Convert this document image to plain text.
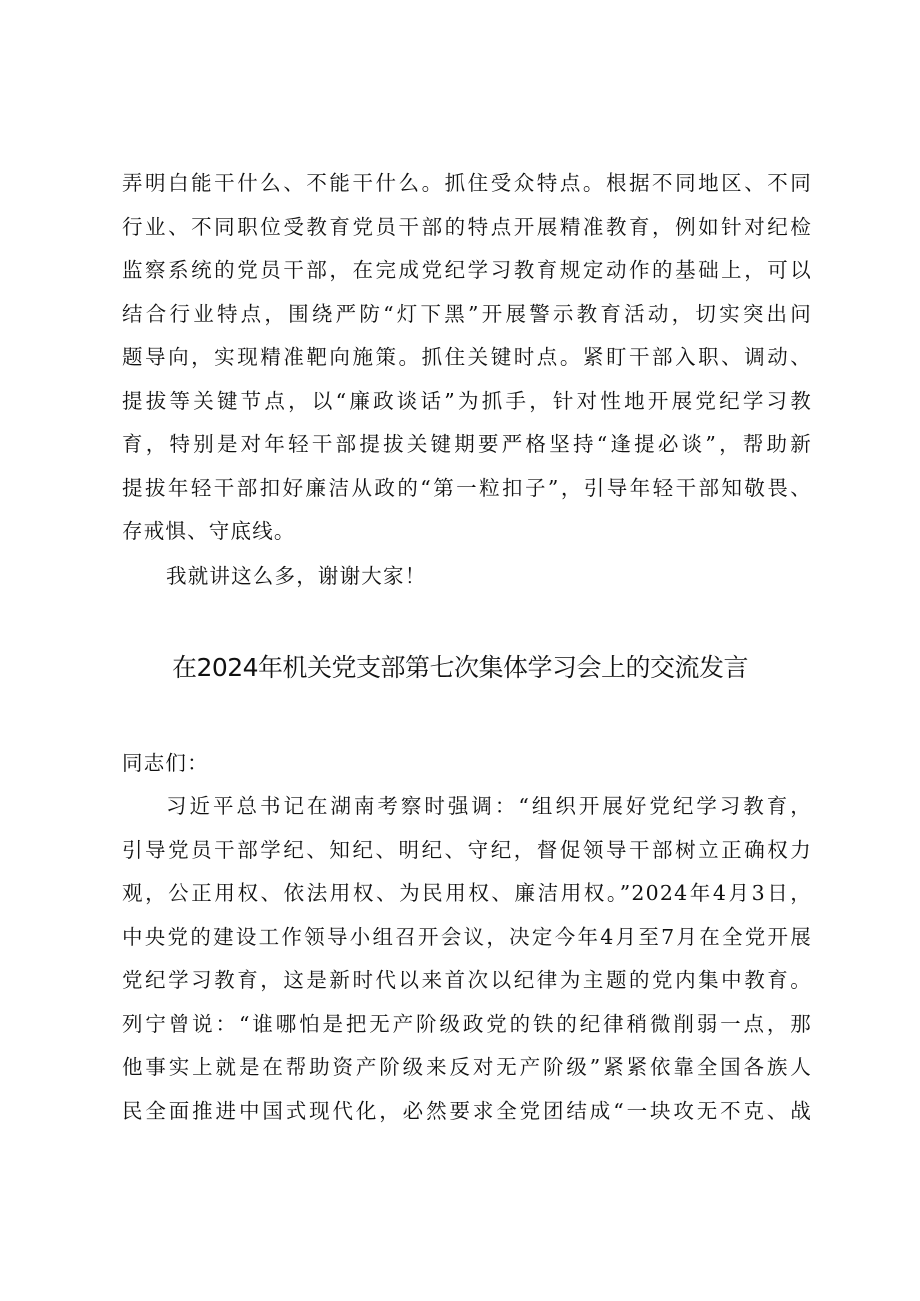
弄明白能干什么、不能干什么。抓住受众特点。根据不同地区、不同
行业、不同职位受教育党员干部的特点开展精准教育，例如针对纪检
监察系统的党员干部，在完成党纪学习教育规定动作的基础上，可以
结合行业特点，围绕严防“灯下黑”开展警示教育活动，切实突出问
题导向，实现精准靶向施策。抓住关键时点。紧盯干部入职、调动、
提拔等关键节点，以“廉政谈话”为抓手，针对性地开展党纪学习教
育，特别是对年轻干部提拔关键期要严格坚持“逢提必谈”，帮助新
提拔年轻干部扣好廉洁从政的“第一粒扣子”，引导年轻干部知敬畏、
存戒惧、守底线。
我就讲这么多，谢谢大家！
在2024年机关党支部第七次集体学习会上的交流发言
同志们：
习近平总书记在湖南考察时强调：“组织开展好党纪学习教育，
引导党员干部学纪、知纪、明纪、守纪，督促领导干部树立正确权力
观，公正用权、依法用权、为民用权、廉洁用权。”2024年4月3日，
中央党的建设工作领导小组召开会议，决定今年4月至7月在全党开展
党纪学习教育，这是新时代以来首次以纪律为主题的党内集中教育。
列宁曾说：“谁哪怕是把无产阶级政党的铁的纪律稍微削弱一点，那
他事实上就是在帮助资产阶级来反对无产阶级”紧紧依靠全国各族人
民全面推进中国式现代化，必然要求全党团结成“一块攻无不克、战
